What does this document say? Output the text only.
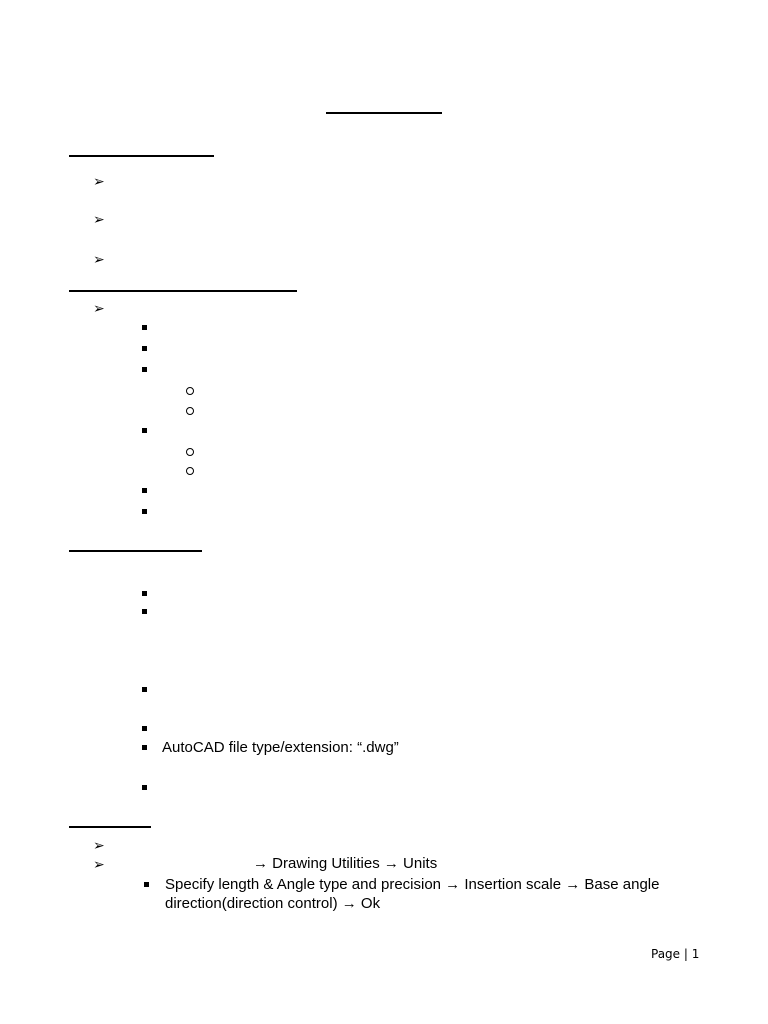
➢
➢
➢
➢
AutoCAD file type/extension: “.dwg”
➢
➢	→ Drawing Utilities → Units
Specify length & Angle type and precision → Insertion scale → Base angle
direction(direction control) → Ok
Page | 1
